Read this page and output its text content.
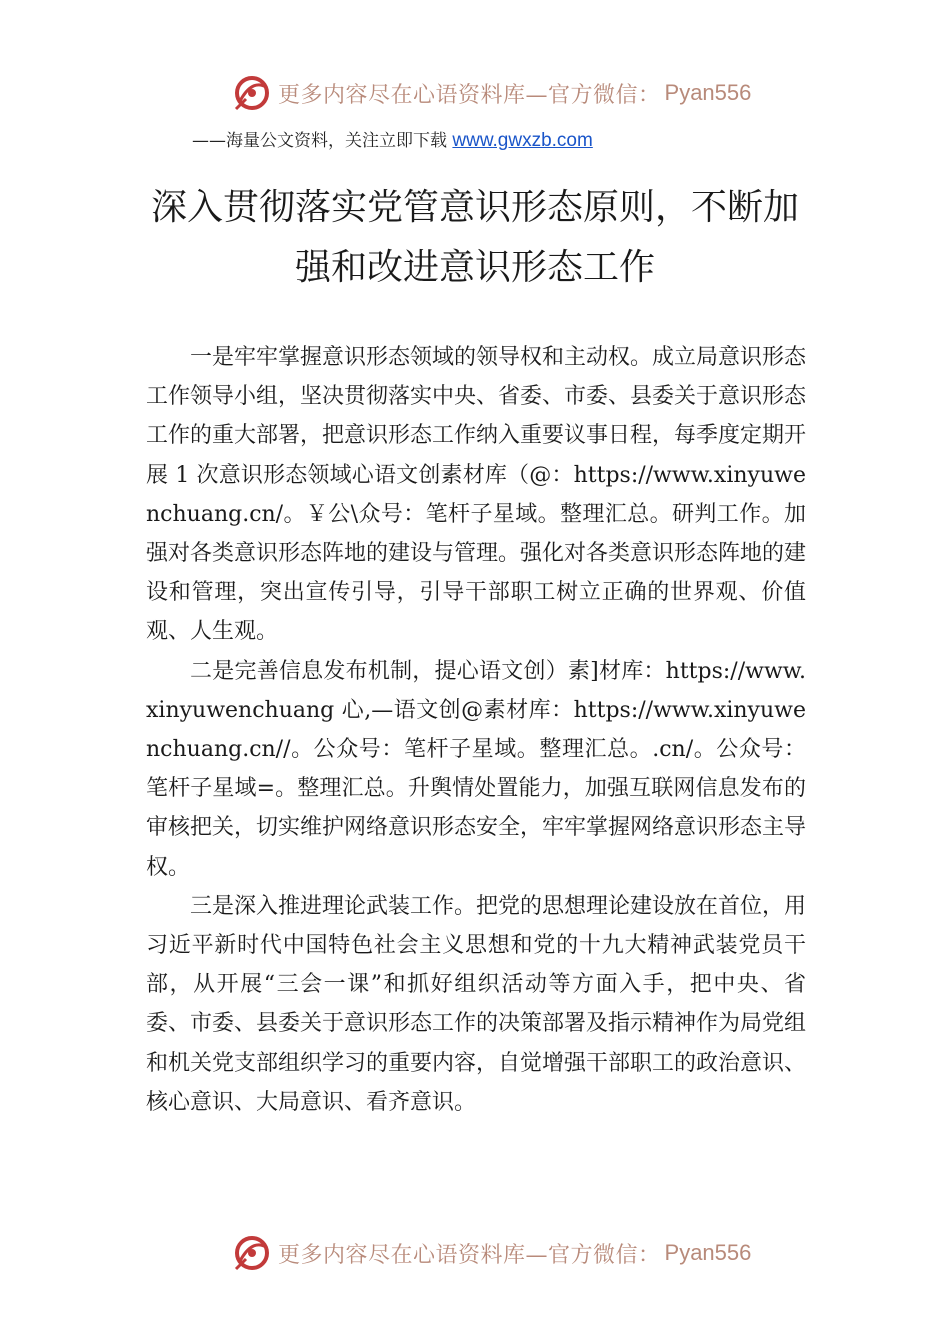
更多内容尽在心语资料库—官方微信： Pyan556
——海量公文资料，关注立即下载 www.gwxzb.com
深入贯彻落实党管意识形态原则，不断加
强和改进意识形态工作

一是牢牢掌握意识形态领域的领导权和主动权。成立局意识形态工作领导小组，坚决贯彻落实中央、省委、市委、县委关于意识形态工作的重大部署，把意识形态工作纳入重要议事日程，每季度定期开展 1 次意识形态领域心语文创素材库（@：https://www.xinyuwenchuang.cn/。￥公\众号：笔杆子星域。整理汇总。研判工作。加强对各类意识形态阵地的建设与管理。强化对各类意识形态阵地的建设和管理，突出宣传引导，引导干部职工树立正确的世界观、价值观、人生观。

二是完善信息发布机制，提心语文创）素]材库：https://www.xinyuwenchuang 心,—语文创@素材库：https://www.xinyuwenchuang.cn//。公众号：笔杆子星域。整理汇总。.cn/。公众号：笔杆子星域=。整理汇总。升舆情处置能力，加强互联网信息发布的审核把关，切实维护网络意识形态安全，牢牢掌握网络意识形态主导权。

三是深入推进理论武装工作。把党的思想理论建设放在首位，用习近平新时代中国特色社会主义思想和党的十九大精神武装党员干部，从开展“三会一课”和抓好组织活动等方面入手，把中央、省委、市委、县委关于意识形态工作的决策部署及指示精神作为局党组和机关党支部组织学习的重要内容，自觉增强干部职工的政治意识、核心意识、大局意识、看齐意识。

更多内容尽在心语资料库—官方微信： Pyan556
